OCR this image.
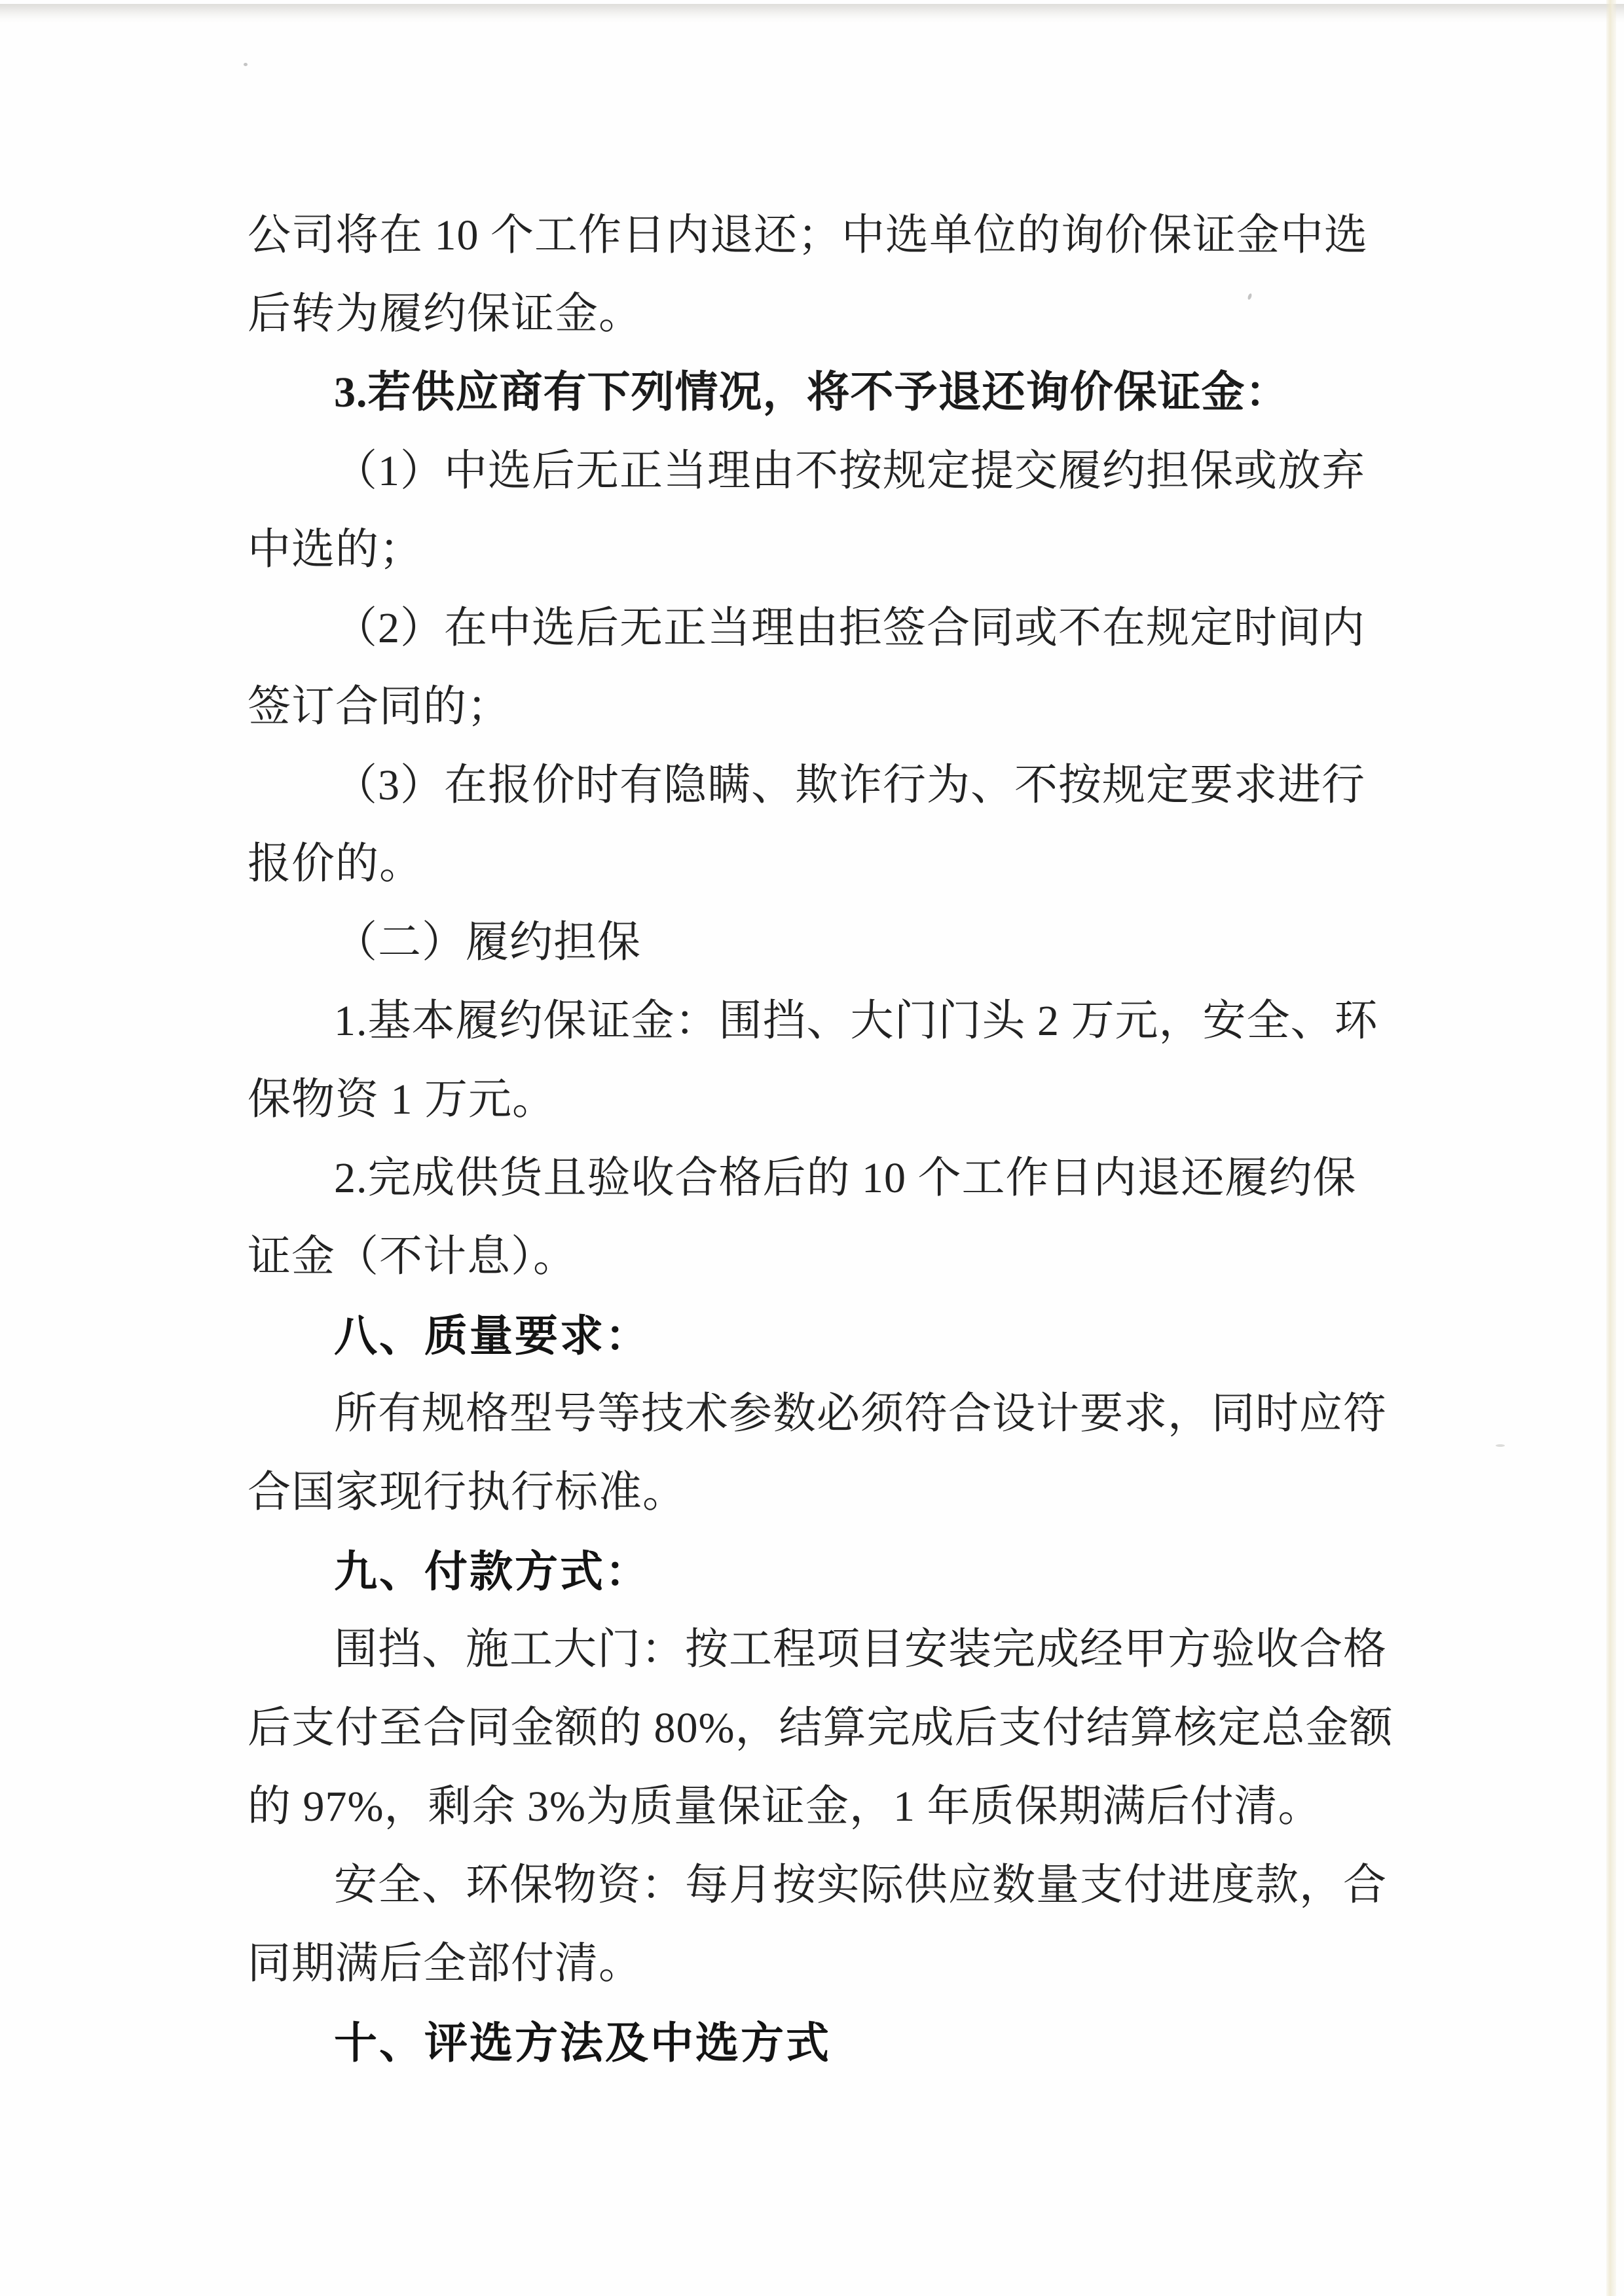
公司将在 10 个工作日内退还；中选单位的询价保证金中选
后转为履约保证金。
3.若供应商有下列情况，将不予退还询价保证金：
（1）中选后无正当理由不按规定提交履约担保或放弃
中选的；
（2）在中选后无正当理由拒签合同或不在规定时间内
签订合同的；
（3）在报价时有隐瞒、欺诈行为、不按规定要求进行
报价的。
（二）履约担保
1.基本履约保证金：围挡、大门门头 2 万元，安全、环
保物资 1 万元。
2.完成供货且验收合格后的 10 个工作日内退还履约保
证金（不计息）。
八、质量要求：
所有规格型号等技术参数必须符合设计要求，同时应符
合国家现行执行标准。
九、付款方式：
围挡、施工大门：按工程项目安装完成经甲方验收合格
后支付至合同金额的 80%，结算完成后支付结算核定总金额
的 97%，剩余 3%为质量保证金，1 年质保期满后付清。
安全、环保物资：每月按实际供应数量支付进度款，合
同期满后全部付清。
十、评选方法及中选方式
